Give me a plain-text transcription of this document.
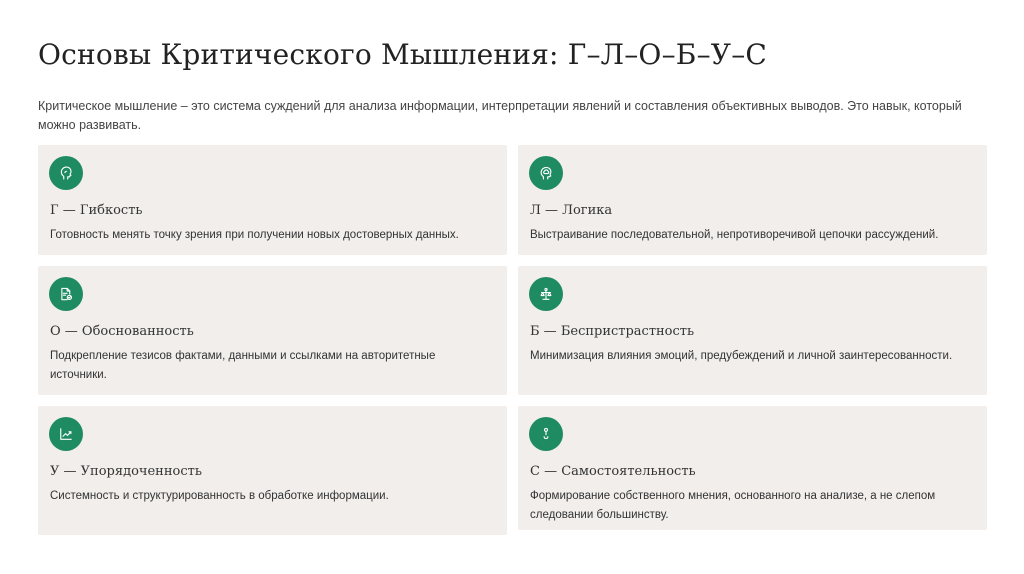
Основы Критического Мышления: Г–Л–О–Б–У–С

Критическое мышление – это система суждений для анализа информации, интерпретации явлений и составления объективных выводов. Это навык, который можно развивать.

Г — Гибкость
Готовность менять точку зрения при получении новых достоверных данных.
Л — Логика
Выстраивание последовательной, непротиворечивой цепочки рассуждений.
О — Обоснованность
Подкрепление тезисов фактами, данными и ссылками на авторитетные источники.
Б — Беспристрастность
Минимизация влияния эмоций, предубеждений и личной заинтересованности.
У — Упорядоченность
Системность и структурированность в обработке информации.
С — Самостоятельность
Формирование собственного мнения, основанного на анализе, а не слепом следовании большинству.
